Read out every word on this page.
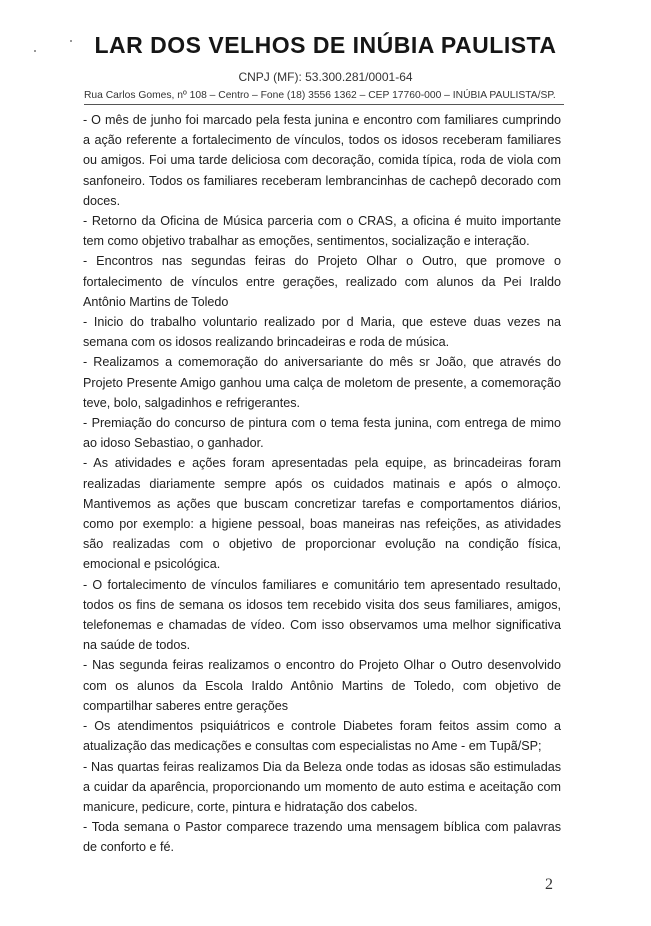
LAR DOS VELHOS DE INÚBIA PAULISTA
CNPJ (MF): 53.300.281/0001-64
Rua Carlos Gomes, nº 108 – Centro – Fone (18) 3556 1362 – CEP 17760-000 – INÚBIA PAULISTA/SP.

- O mês de junho foi marcado pela festa junina e encontro com familiares cumprindo a ação referente a fortalecimento de vínculos, todos os idosos receberam familiares ou amigos. Foi uma tarde deliciosa com decoração, comida típica, roda de viola com sanfoneiro. Todos os familiares receberam lembrancinhas de cachepô decorado com doces.

- Retorno da Oficina de Música parceria com o CRAS, a oficina é muito importante tem como objetivo trabalhar as emoções, sentimentos, socialização e interação.

- Encontros nas segundas feiras do Projeto Olhar o Outro, que promove o fortalecimento de vínculos entre gerações, realizado com alunos da Pei Iraldo Antônio Martins de Toledo

- Inicio do trabalho voluntario realizado por d Maria, que esteve duas vezes na semana com os idosos realizando brincadeiras e roda de música.

- Realizamos a comemoração do aniversariante do mês sr João, que através do Projeto Presente Amigo ganhou uma calça de moletom de presente, a comemoração teve, bolo, salgadinhos e refrigerantes.

- Premiação do concurso de pintura com o tema festa junina, com entrega de mimo ao idoso Sebastiao, o ganhador.

- As atividades e ações foram apresentadas pela equipe, as brincadeiras foram realizadas diariamente sempre após os cuidados matinais e após o almoço. Mantivemos as ações que buscam concretizar tarefas e comportamentos diários, como por exemplo: a higiene pessoal, boas maneiras nas refeições, as atividades são realizadas com o objetivo de proporcionar evolução na condição física, emocional e psicológica.

- O fortalecimento de vínculos familiares e comunitário tem apresentado resultado, todos os fins de semana os idosos tem recebido visita dos seus familiares, amigos, telefonemas e chamadas de vídeo. Com isso observamos uma melhor significativa na saúde de todos.

- Nas segunda feiras realizamos o encontro do Projeto Olhar o Outro desenvolvido com os alunos da Escola Iraldo Antônio Martins de Toledo, com objetivo de compartilhar saberes entre gerações

- Os atendimentos psiquiátricos e controle Diabetes foram feitos assim como a atualização das medicações e consultas com especialistas no Ame - em Tupã/SP;

- Nas quartas feiras realizamos Dia da Beleza onde todas as idosas são estimuladas a cuidar da aparência, proporcionando um momento de auto estima e aceitação com manicure, pedicure, corte, pintura e hidratação dos cabelos.

- Toda semana o Pastor comparece trazendo uma mensagem bíblica com palavras de conforto e fé.

2
